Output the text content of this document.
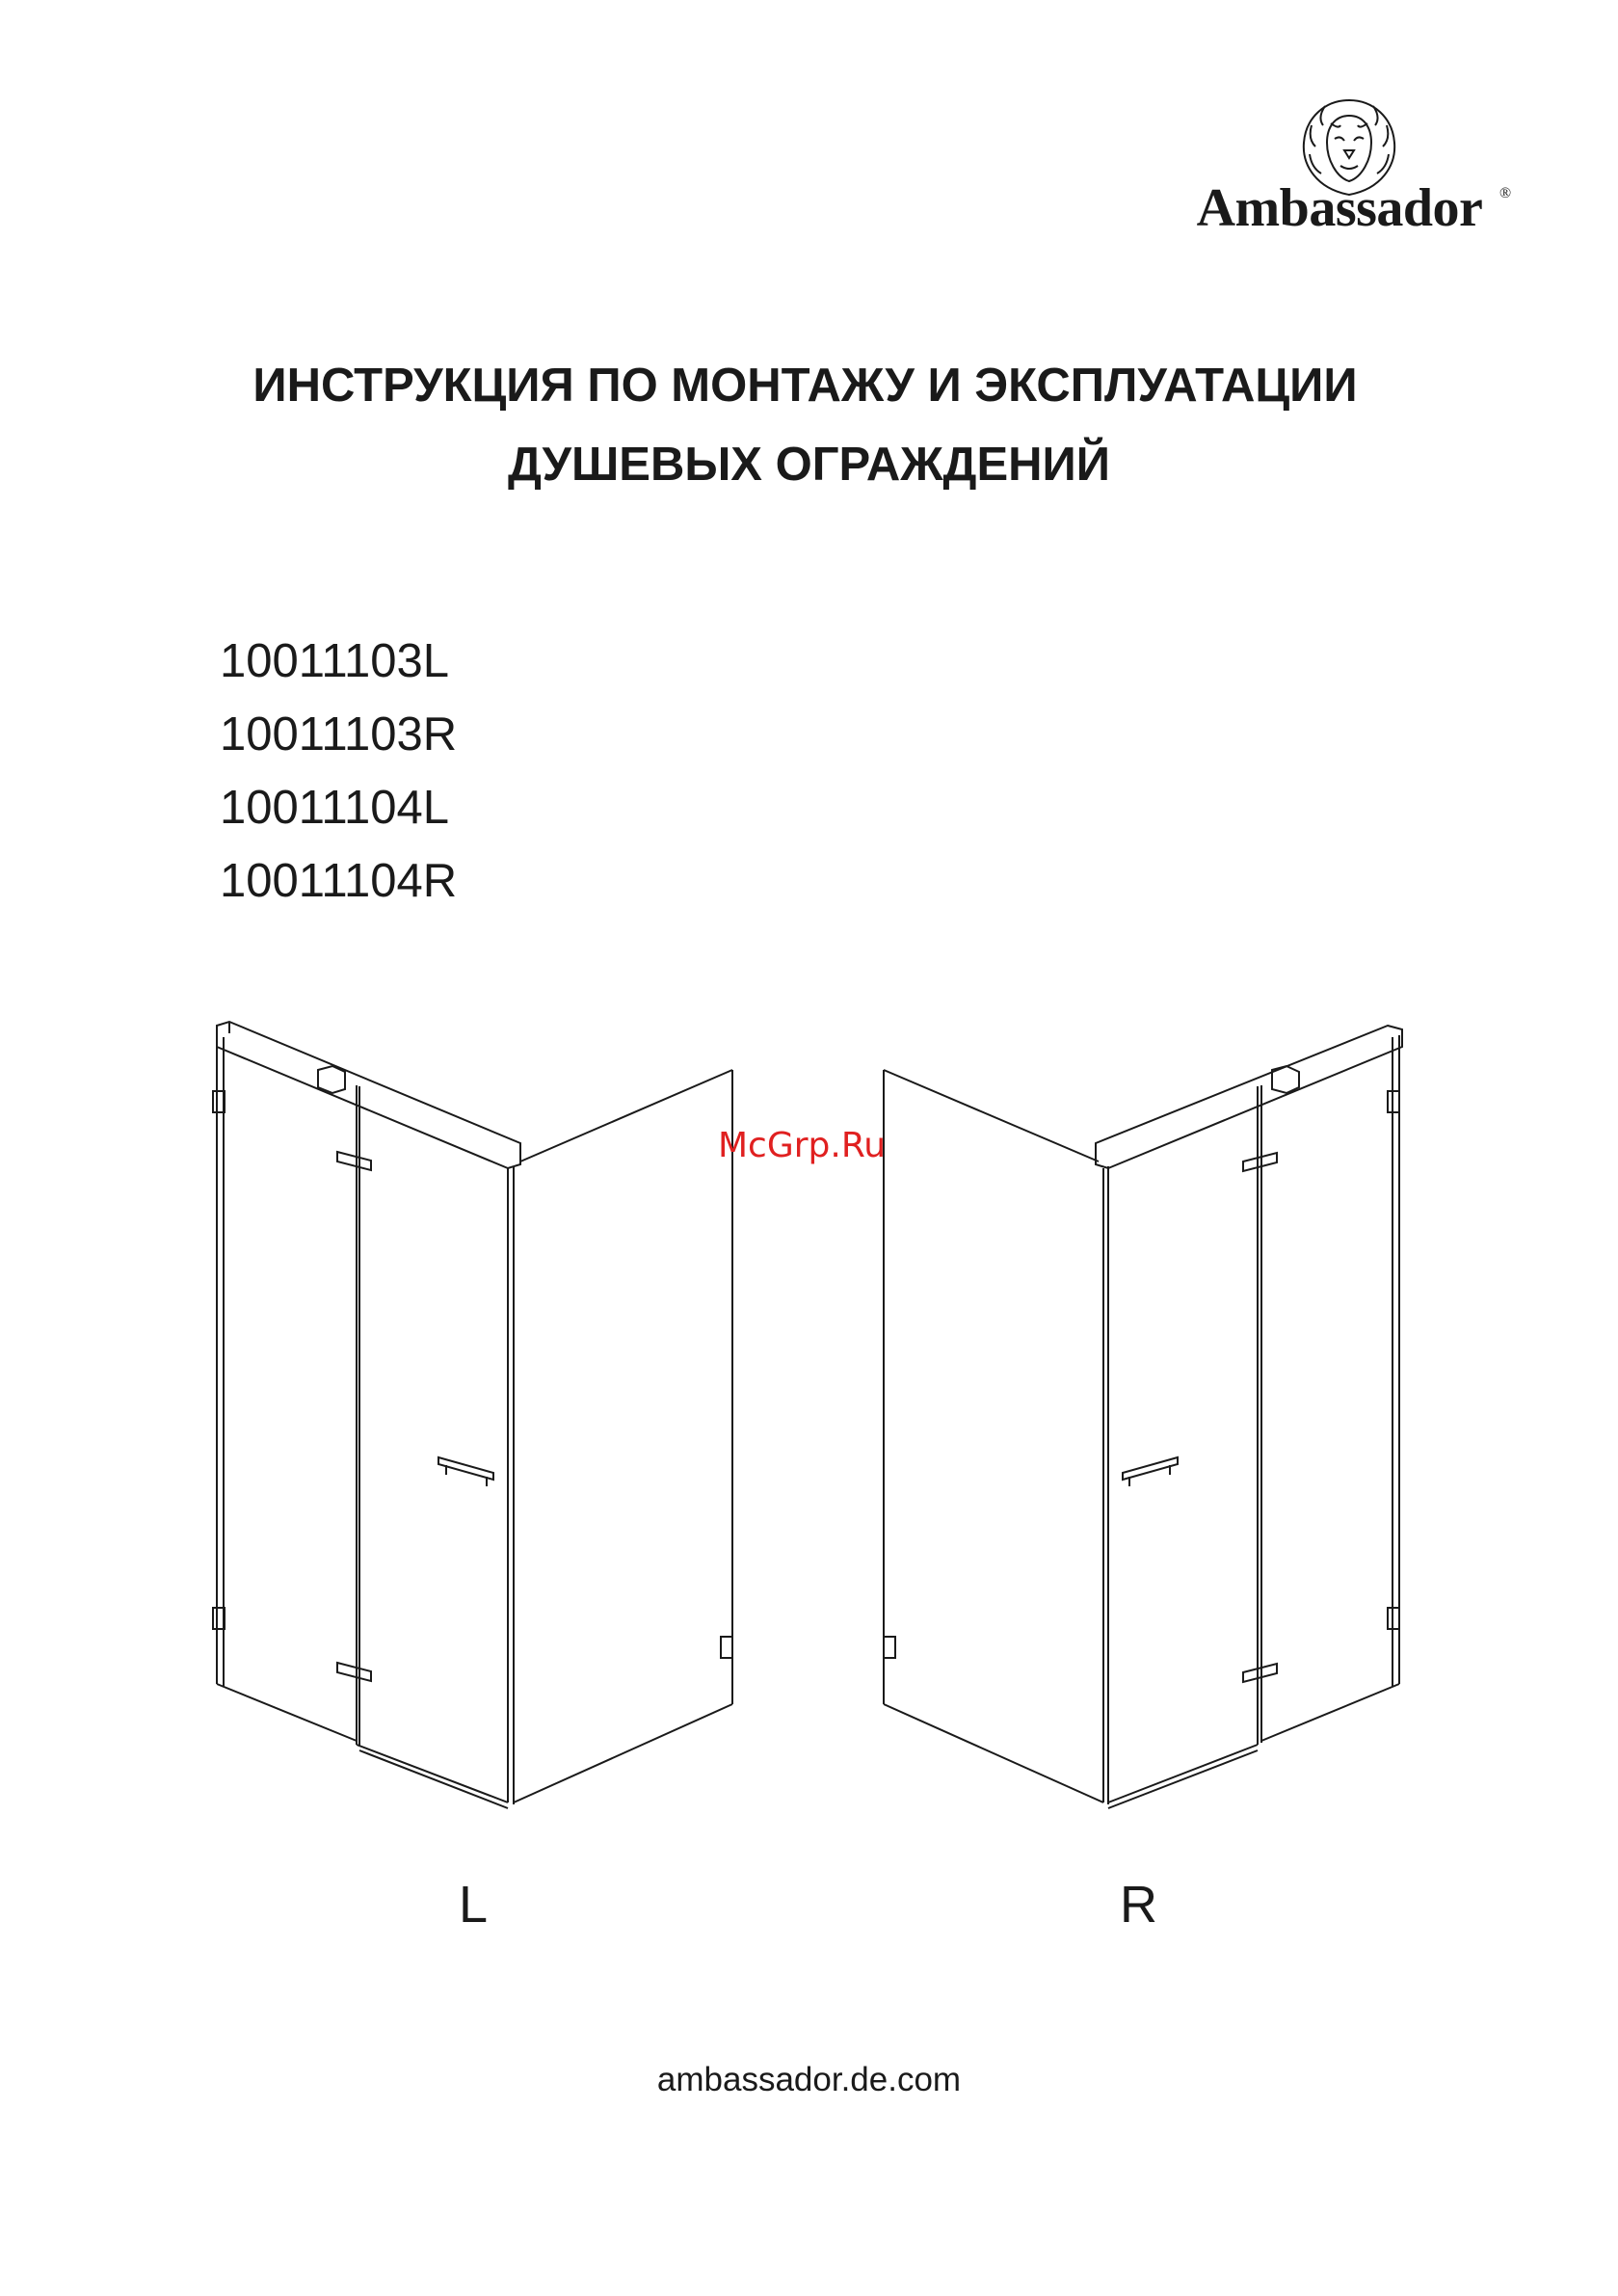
Ambassador	®
ИНСТРУКЦИЯ ПО МОНТАЖУ И ЭКСПЛУАТАЦИИ
ДУШЕВЫХ ОГРАЖДЕНИЙ
10011103L
10011103R
10011104L
10011104R
McGrp.Ru
L	R
ambassador.de.com
